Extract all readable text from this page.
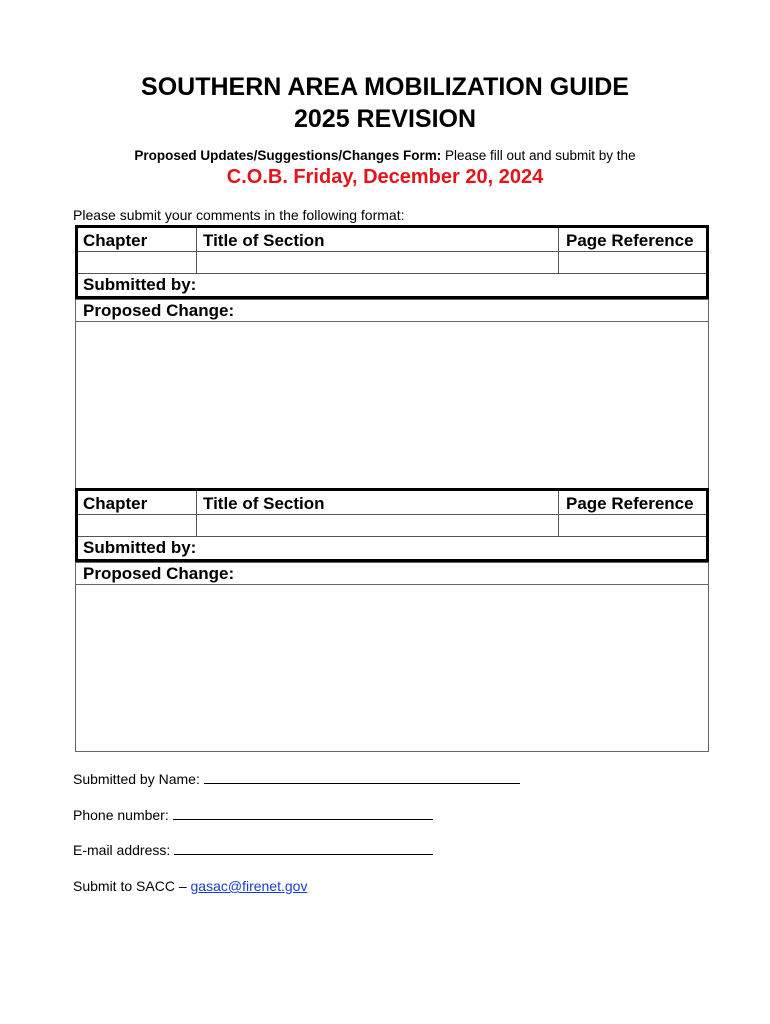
SOUTHERN AREA MOBILIZATION GUIDE
2025 REVISION
Proposed Updates/Suggestions/Changes Form: Please fill out and submit by the
C.O.B. Friday, December 20, 2024
Please submit your comments in the following format:
Chapter	Title of Section	Page Reference
Submitted by:
Proposed Change:
Chapter	Title of Section	Page Reference
Submitted by:
Proposed Change:
Submitted by Name:
Phone number:
E-mail address:
Submit to SACC – gasac@firenet.gov
